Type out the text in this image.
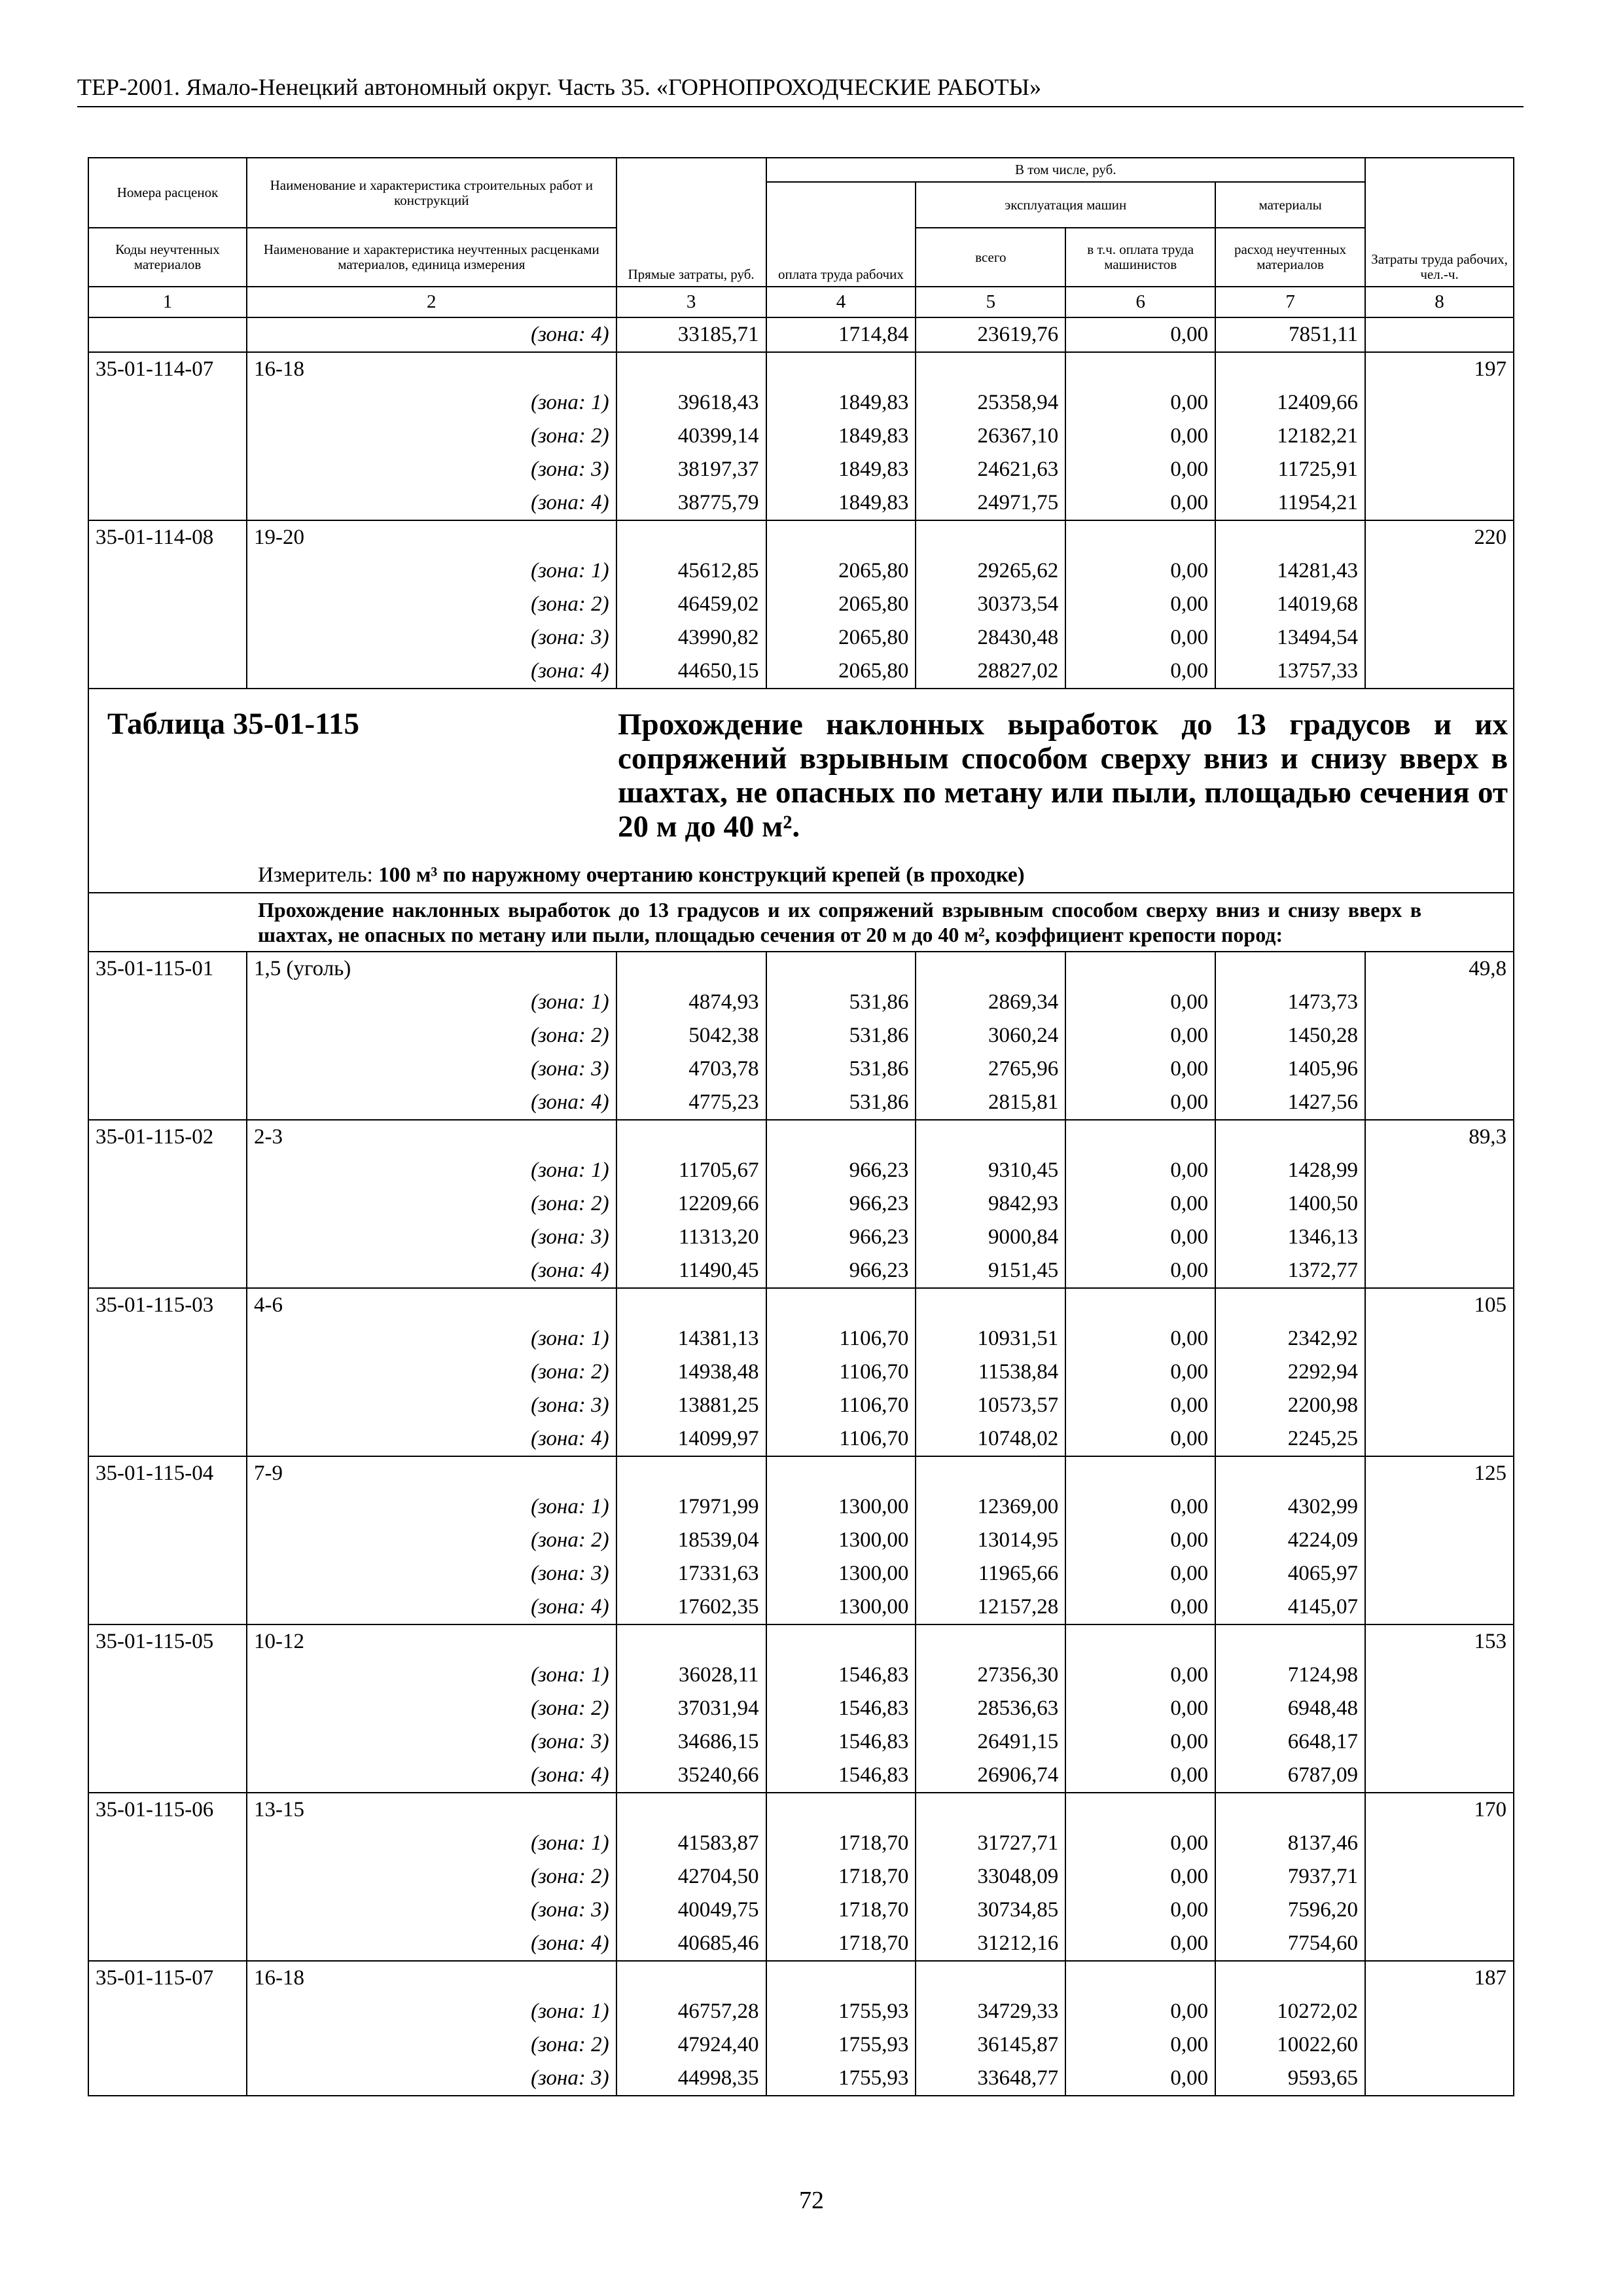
ТЕР-2001. Ямало-Ненецкий автономный округ. Часть 35. «ГОРНОПРОХОДЧЕСКИЕ РАБОТЫ»
Номера расценок	Наименование и характеристика строительных работ и конструкций	Прямые затраты, руб.	В том числе, руб.				Затраты труда рабочих, чел.-ч.
			оплата труда рабочих	эксплуатация машин		материалы	
Коды неучтенных материалов	Наименование и характеристика неучтенных расценками материалов, единица измерения			всего	в т.ч. оплата труда машинистов	расход неучтенных материалов	
1	2	3	4	5	6	7	8
	(зона: 4)	33185,71	1714,84	23619,76	0,00	7851,11	
35-01-114-07	16-18						197
	(зона: 1)	39618,43	1849,83	25358,94	0,00	12409,66	
	(зона: 2)	40399,14	1849,83	26367,10	0,00	12182,21	
	(зона: 3)	38197,37	1849,83	24621,63	0,00	11725,91	
	(зона: 4)	38775,79	1849,83	24971,75	0,00	11954,21	
35-01-114-08	19-20						220
	(зона: 1)	45612,85	2065,80	29265,62	0,00	14281,43	
	(зона: 2)	46459,02	2065,80	30373,54	0,00	14019,68	
	(зона: 3)	43990,82	2065,80	28430,48	0,00	13494,54	
	(зона: 4)	44650,15	2065,80	28827,02	0,00	13757,33	

Таблица 35-01-115 Прохождение наклонных выработок до 13 градусов и их сопряжений взрывным способом сверху вниз и снизу вверх в шахтах, не опасных по метану или пыли, площадью сечения от 20 м до 40 м².							

Измеритель: 100 м³ по наружному очертанию конструкций крепей (в проходке)							

Прохождение наклонных выработок до 13 градусов и их сопряжений взрывным способом сверху вниз и снизу вверх в шахтах, не опасных по метану или пыли, площадью сечения от 20 м до 40 м², коэффициент крепости пород:							

35-01-115-01	1,5 (уголь)						49,8
	(зона: 1)	4874,93	531,86	2869,34	0,00	1473,73	
	(зона: 2)	5042,38	531,86	3060,24	0,00	1450,28	
	(зона: 3)	4703,78	531,86	2765,96	0,00	1405,96	
	(зона: 4)	4775,23	531,86	2815,81	0,00	1427,56	
35-01-115-02	2-3						89,3
	(зона: 1)	11705,67	966,23	9310,45	0,00	1428,99	
	(зона: 2)	12209,66	966,23	9842,93	0,00	1400,50	
	(зона: 3)	11313,20	966,23	9000,84	0,00	1346,13	
	(зона: 4)	11490,45	966,23	9151,45	0,00	1372,77	
35-01-115-03	4-6						105
	(зона: 1)	14381,13	1106,70	10931,51	0,00	2342,92	
	(зона: 2)	14938,48	1106,70	11538,84	0,00	2292,94	
	(зона: 3)	13881,25	1106,70	10573,57	0,00	2200,98	
	(зона: 4)	14099,97	1106,70	10748,02	0,00	2245,25	
35-01-115-04	7-9						125
	(зона: 1)	17971,99	1300,00	12369,00	0,00	4302,99	
	(зона: 2)	18539,04	1300,00	13014,95	0,00	4224,09	
	(зона: 3)	17331,63	1300,00	11965,66	0,00	4065,97	
	(зона: 4)	17602,35	1300,00	12157,28	0,00	4145,07	
35-01-115-05	10-12						153
	(зона: 1)	36028,11	1546,83	27356,30	0,00	7124,98	
	(зона: 2)	37031,94	1546,83	28536,63	0,00	6948,48	
	(зона: 3)	34686,15	1546,83	26491,15	0,00	6648,17	
	(зона: 4)	35240,66	1546,83	26906,74	0,00	6787,09	
35-01-115-06	13-15						170
	(зона: 1)	41583,87	1718,70	31727,71	0,00	8137,46	
	(зона: 2)	42704,50	1718,70	33048,09	0,00	7937,71	
	(зона: 3)	40049,75	1718,70	30734,85	0,00	7596,20	
	(зона: 4)	40685,46	1718,70	31212,16	0,00	7754,60	
35-01-115-07	16-18						187
	(зона: 1)	46757,28	1755,93	34729,33	0,00	10272,02	
	(зона: 2)	47924,40	1755,93	36145,87	0,00	10022,60	
	(зона: 3)	44998,35	1755,93	33648,77	0,00	9593,65	
72
